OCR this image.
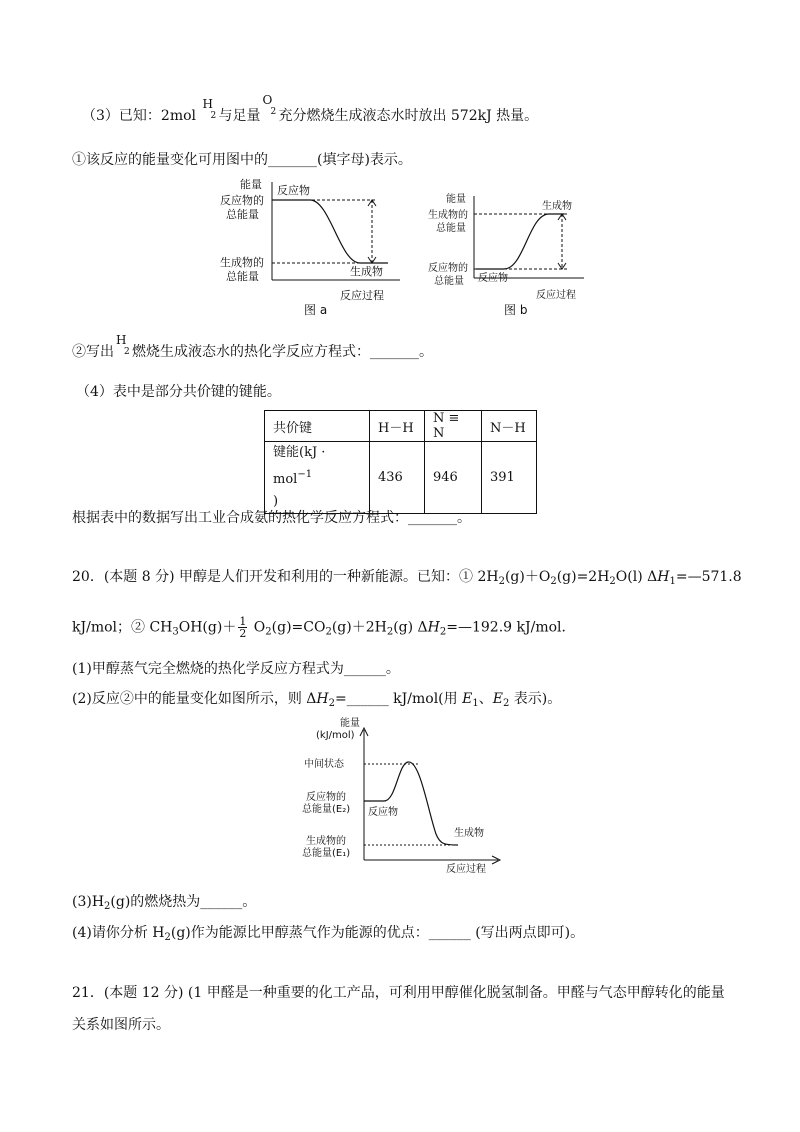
（3）已知：2mol
H
2 与足量
O
2 充分燃烧生成液态水时放出 572kJ 热量。
①该反应的能量变化可用图中的_______(填字母)表示。
能量 反应物
反应物的
总能量
生成物的
总能量	生成物
反应过程
图 a
能量
生成物的
总能量
生成物
反应物的
总能量 反应物
反应过程
图 b
②写出
H
2 燃烧生成液态水的热化学反应方程式：_______。
（4）表中是部分共价键的键能。
共价键	H－H	N ≡ N	N－H
键能(kJ · mol$^{-1}$
)	436	946	391
根据表中的数据写出工业合成氨的热化学反应方程式：_______。
20．(本题 8 分) 甲醇是人们开发和利用的一种新能源。已知：① $2H_2(g)+O_2(g)=2H_2O(l)$ $\Delta H_1=—571.8$
kJ/mol；② $CH_3OH(g)+ \frac{1}{2} O_2(g)=CO_2(g)+2H_2(g)$ $\Delta H_2=—192.9$ kJ/mol．
(1)甲醇蒸气完全燃烧的热化学反应方程式为______。
(2)反应②中的能量变化如图所示，则 $\Delta H_2=\_\_\_\_\_\_$ kJ/mol(用 $E_1$、$E_2$ 表示)。
能量
(kJ/mol)
中间状态
反应物的
总能量(E₂) 反应物
生成物的
总能量(E₁)
生成物
反应过程
$(3)H_2(g)$的燃烧热为______。
(4)请你分析 $H_2(g)$作为能源比甲醇蒸气作为能源的优点：______ (写出两点即可)。
21．(本题 12 分) (1 甲醛是一种重要的化工产品，可利用甲醇催化脱氢制备。甲醛与气态甲醇转化的能量
关系如图所示。
